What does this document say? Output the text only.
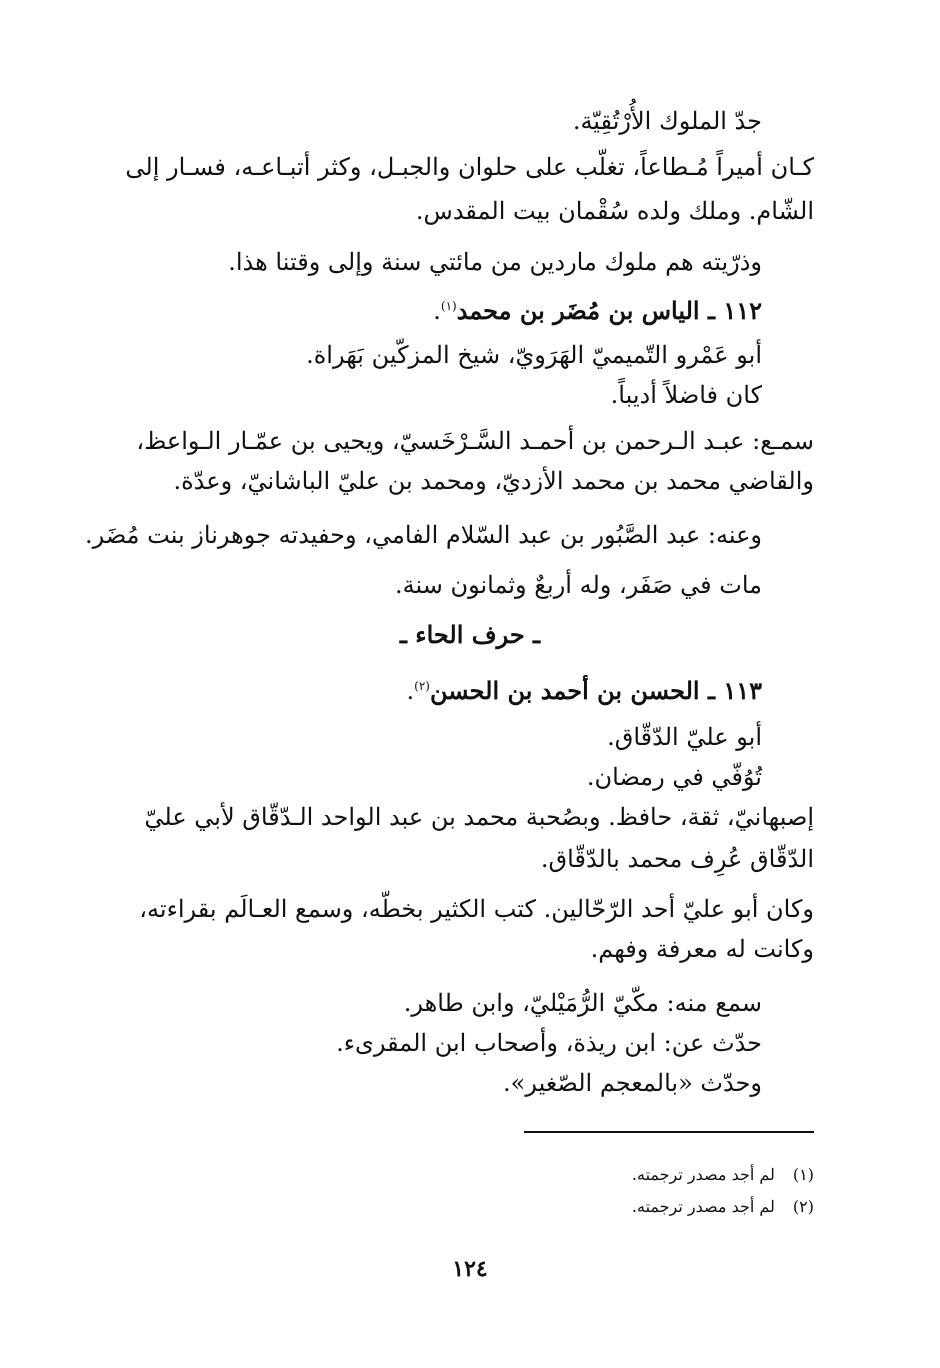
جدّ الملوك الأُرْتُقِيّة.
كـان أميراً مُـطاعاً، تغلّب على حلوان والجبـل، وكثر أتبـاعـه، فسـار إلى
الشّام. وملك ولده سُقْمان بيت المقدس.
وذرّيته هم ملوك ماردين من مائتي سنة وإلى وقتنا هذا.
١١٢ ـ الياس بن مُضَر بن محمد$^{(١)}$.
أبو عَمْرو التّميميّ الهَرَويّ، شيخ المزكّين بَهَراة.
كان فاضلاً أديباً.
سمـع: عبـد الـرحمن بن أحمـد السَّـرْخَسيّ، ويحيى بن عمّـار الـواعظ،
والقاضي محمد بن محمد الأزديّ، ومحمد بن عليّ الباشانيّ، وعدّة.
وعنه: عبد الصَّبُور بن عبد السّلام الفامي، وحفيدته جوهرناز بنت مُضَر.
مات في صَفَر، وله أربعٌ وثمانون سنة.
ـ حرف الحاء ـ
١١٣ ـ الحسن بن أحمد بن الحسن$^{(٢)}$.
أبو عليّ الدّقّاق.
تُوُفّي في رمضان.
إصبهانيّ، ثقة، حافظ. وبصُحبة محمد بن عبد الواحد الـدّقّاق لأبي عليّ
الدّقّاق عُرِف محمد بالدّقّاق.
وكان أبو عليّ أحد الرّحّالين. كتب الكثير بخطّه، وسمع العـالَم بقراءته،
وكانت له معرفة وفهم.
سمع منه: مكّيّ الرُّمَيْليّ، وابن طاهر.
حدّث عن: ابن ريذة، وأصحاب ابن المقرىء.
وحدّث «بالمعجم الصّغير».
(١)لم أجد مصدر ترجمته.
(٢)لم أجد مصدر ترجمته.
١٢٤
